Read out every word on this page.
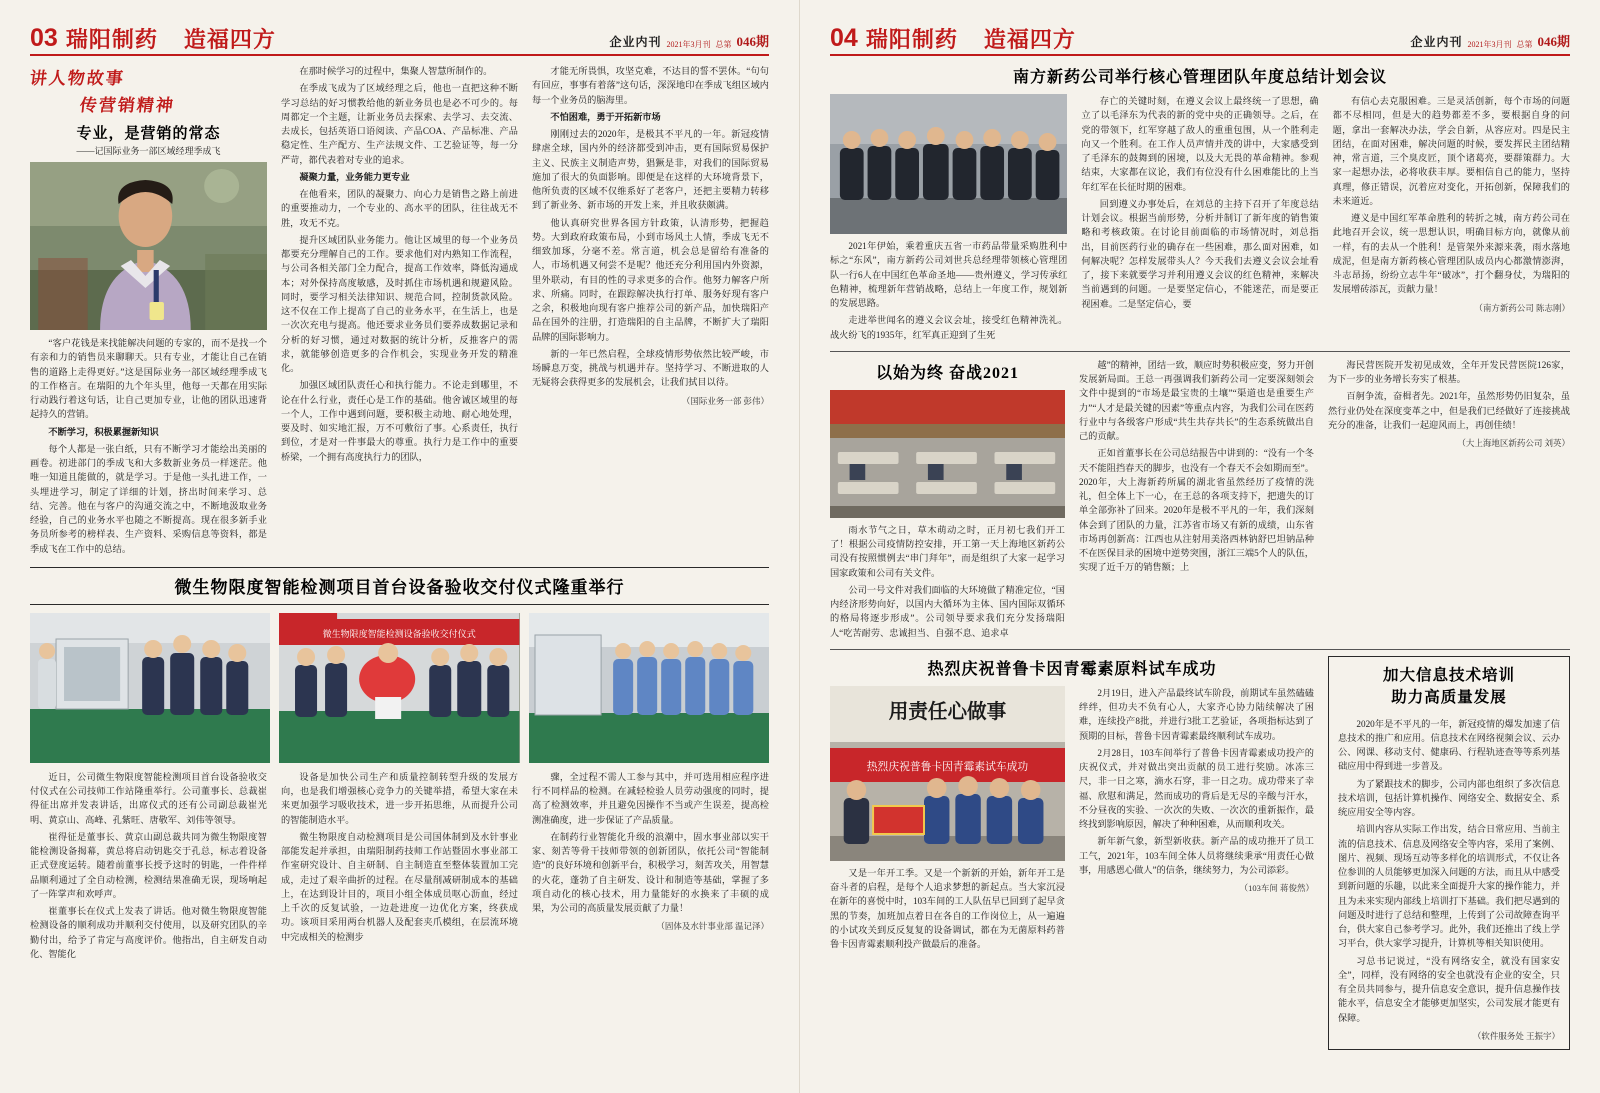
03 瑞阳制药 造福四方	企业内刊 2021年3月刊 总第 046期
讲人物故事 传营销精神
专业，是营销的常态
——记国际业务一部区域经理季成飞

“客户花钱是来找能解决问题的专家的，而不是找一个有亲和力的销售员来聊聊天。只有专业，才能让自己在销售的道路上走得更好。”这是国际业务一部区域经理季成飞的工作格言。在瑞阳的九个年头里，他每一天都在用实际行动践行着这句话，让自己更加专业，让他的团队迅速背起持久的营销。

不断学习，积极累握新知识

每个人都是一张白纸，只有不断学习才能绘出美丽的画卷。初进部门的季成飞和大多数新业务员一样迷茫。他唯一知道且能做的，就是学习。于是他一头扎进工作，一头埋进学习，制定了详细的计划，挤出时间来学习、总结、完善。他在与客户的沟通交流之中，不断地汲取业务经验，自己的业务水平也随之不断提高。现在很多新手业务员所参考的榜样表、生产资料、采购信息等资料，都是季成飞在工作中的总结。

在那时候学习的过程中，集聚人智慧所制作的。

在季成飞成为了区域经理之后，他也一直把这种不断学习总结的好习惯教给他的新业务员也是必不可少的。每周都定一个主题，让新业务员去探索、去学习、去交流、去成长，包括英语口语阅读、产品COA、产品标准、产品稳定性、生产配方、生产法规文件、工艺验证等，每一分严苛，都代表着对专业的追求。

凝聚力量，业务能力更专业

在他看来，团队的凝聚力、向心力是销售之路上前进的重要推动力，一个专业的、高水平的团队，往往战无不胜，攻无不克。

提升区域团队业务能力。他让区域里的每一个业务员都要充分理解自己的工作。要求他们对内熟知工作流程，与公司各相关部门全力配合，提高工作效率，降低沟通成本；对外保持高度敏感，及时抓住市场机遇和规避风险。同时，要学习相关法律知识、规范合同，控制货款风险。这不仅在工作上提高了自己的业务水平，在生活上，也是一次次充电与提高。他还要求业务员们要养成数据记录和分析的好习惯，通过对数据的统计分析，反推客户的需求，就能够创造更多的合作机会，实现业务开发的精准化。

加强区域团队责任心和执行能力。不论走到哪里，不论在什么行业，责任心是工作的基础。他舍诚区域里的每一个人，工作中遇到问题，要积极主动地、耐心地处理，要及时、如实地汇报，万不可敷衍了事。心系责任，执行到位，才是对一件事最大的尊重。执行力是工作中的重要桥梁，一个拥有高度执行力的团队，

才能无所畏惧，攻坚克难，不达目的誓不罢休。“句句有回应，事事有着落”这句话，深深地印在季成飞组区域内每一个业务员的脑海里。

不怕困难，勇于开拓新市场

刚刚过去的2020年，是极其不平凡的一年。新冠疫情肆虐全球，国内外的经济都受到冲击，更有国际贸易保护主义、民族主义制造声势，猖獗是非，对我们的国际贸易施加了很大的负面影响。即便是在这样的大环境背景下，他所负责的区域不仅维系好了老客户，还把主要精力转移到了新业务、新市场的开发上来，并且收获颇满。

他认真研究世界各国方针政策，认清形势，把握趋势。大到政府政策布局，小到市场风土人情，季成飞无不细致加琢，分毫不差。常言道，机会总是留给有准备的人，市场机遇又何尝不是呢？他还充分利用国内外资源，里外联动，有目的性的寻求更多的合作。他努力解客户所求、所痛。同时，在跟踪解决执行打单、服务好现有客户之余，积极地向现有客户推荐公司的新产品，加快瑞阳产品在国外的注册，打造瑞阳的自主品牌，不断扩大了瑞阳品牌的国际影响力。

新的一年已然启程，全球疫情形势依然比较严峻，市场瞬息万变，挑战与机遇并存。坚持学习、不断进取的人无疑将会获得更多的发展机会，让我们拭目以待。

（国际业务一部 彭伟）
微生物限度智能检测项目首台设备验收交付仪式隆重举行
微生物限度智能检测设备验收交付仪式

近日，公司微生物限度智能检测项目首台设备验收交付仪式在公司技师工作站隆重举行。公司董事长、总裁崔得征出席并发表讲话，出席仪式的还有公司副总裁崔光明、黄京山、高峰、孔紫旺、唐敬军、刘伟等领导。

崔得征是董事长、黄京山副总裁共同为微生物限度智能检测设备揭幕，黄总将启动钥匙交于孔总，标志着设备正式登度运转。随着前董事长授予这时的钥匙，一件件样品顺利通过了全自动检测，检测结果准确无误，现场响起了一阵掌声和欢呼声。

崔董事长在仪式上发表了讲话。他对微生物限度智能检测设备的顺利成功并顺利交付使用，以及研究团队的辛勤付出，给予了肯定与高度评价。他指出，自主研发自动化、智能化

设备是加快公司生产和质量控制转型升级的发展方向，也是我们增强核心竞争力的关键举措，希望大家在未来更加强学习吸收技术，进一步开拓思维，从而提升公司的智能制造水平。

微生物限度自动检测项目是公司国体制到及水针事业部能发起并承担，由瑞阳制药技师工作站暨固水事业部工作室研究设计、自主研制、自主制造直至整体装置加工完成，走过了艰辛曲折的过程。在尽量削减研制成本的基础上，在达到设计目的，项目小组全体成员呕心沥血，经过上千次的反复试验，一边赴进度一边优化方案，终获成功。该项目采用两台机器人及配套夹爪模组，在层流环境中完成相关的检测步

骤，全过程不需人工参与其中，并可选用相应程序进行不同样品的检测。在减轻检验人员劳动强度的同时，提高了检测效率，并且避免因操作不当或产生误差，提高检测准确度，进一步保证了产品质量。

在制药行业智能化升级的浪潮中，固水事业部以实干家、刻苦等骨干技师带领的创新团队，依托公司“智能制造”的良好环境和创新平台，积极学习，刻苦攻关，用智慧的火花，蓬勃了自主研发、设计和制造等基础，掌握了多项自动化的核心技术，用力量能好的水换来了丰硕的成果，为公司的高质量发展贡献了力量！

（固体及水针事业部 温记泽）
04 瑞阳制药 造福四方	企业内刊 2021年3月刊 总第 046期
南方新药公司举行核心管理团队年度总结计划会议

2021年伊始，乘着重庆五省一市药品带量采购胜利中标之“东风”，南方新药公司刘世兵总经理带领核心管理团队一行6人在中国红色革命圣地——贵州遵义，学习传承红色精神，梳理新年营销战略，总结上一年度工作，规划新的发展思路。

走进举世闻名的遵义会议会址，接受红色精神洗礼。战火纷飞的1935年，红军真正迎到了生死

存亡的关键时刻，在遵义会议上最终统一了思想，确立了以毛泽东为代表的新的党中央的正确领导。之后，在党的带领下，红军穿越了敌人的重重包围，从一个胜利走向又一个胜利。在工作人员声情并茂的讲中，大家感受到了毛泽东的鼓舞到的困境，以及大无畏的革命精神。参观结束，大家都在议论，我们有位没有什么困难能比的上当年红军在长征时期的困难。

回到遵义办事处后，在刘总的主持下召开了年度总结计划会议。根据当前形势，分析并制订了新年度的销售策略和考核政策。在讨论目前面临的市场情况时，刘总指出，目前医药行业的确存在一些困难，那么面对困难，如何解决呢？怎样发展带头人？今天我们去遵义会议会址看了，接下来就要学习并利用遵义会议的红色精神，来解决当前遇到的问题。一是要坚定信心，不能迷茫，而是要正视困难。二是坚定信心，要

有信心去克服困难。三是灵活创新，每个市场的问题都不尽相同，但是大的趋势都差不多，要根据自身的问题，拿出一套解决办法，学会自新，从容应对。四是民主团结，在面对困难，解决问题的时候，要发挥民主团结精神，常言道，三个臭皮匠，顶个诸葛亮，要群策群力。大家一起想办法，必将收获丰厚。要相信自己的能力，坚持真理，修正错误，沉着应对变化，开拓创新，保障我们的未来道近。

遵义是中国红军革命胜利的转折之城，南方药公司在此地召开会议，统一思想认识，明确目标方向，就像从前一样，有的去从一个胜利！是管架外来源来袭，雨水落地成泥，但是南方新药核心管理团队成员内心都激情澎湃，斗志昂扬，纷纷立志牛年“破冰”，打个翻身仗，为瑞阳的发展增砖添瓦，贡献力量！

（南方新药公司 陈志刚）
以始为终 奋战2021

雨水节气之日，草木萌动之时，正月初七我们开工了！根据公司疫情防控安排，开工第一天上海地区新药公司没有按照惯例去“串门拜年”，而是组织了大家一起学习国家政策和公司有关文件。

公司一号文件对我们面临的大环境做了精准定位，“国内经济形势向好，以国内大循环为主体、国内国际双循环的格局将逐步形成”。公司领导要求我们充分发扬瑞阳人“吃苦耐劳、忠诚担当、自强不息、追求卓

越”的精神，团结一致，顺应时势积极应变，努力开创发展新局面。王总一再强调我们新药公司一定要深刻领会文件中提到的“市场是最宝贵的土壤”“渠道也是重要生产力”“人才是最关键的因素”等重点内容，为我们公司在医药行业中与各级客户形成“共生共存共长”的生态系统做出自己的贡献。

正如首董事长在公司总结报告中讲到的：“没有一个冬天不能阻挡春天的脚步，也没有一个春天不会如期而至”。2020年，大上海新药所属的湖北省虽然经历了疫情的洗礼，但全体上下一心，在王总的各项支持下，把遗失的订单全部弥补了回来。2020年是极不平凡的一年，我们深刻体会到了团队的力量，江苏省市场又有新的成绩，山东省市场再创新高：江西也从注射用美洛西林钠舒巴坦钠品种不在医保目录的困境中逆势突围，浙江三端5个人的队伍，实现了近千万的销售额；上

海民营医院开发初见成效，全年开发民营医院126家，为下一步的业务增长夯实了根基。

百舸争流，奋楫者先。2021年，虽然形势仍旧复杂，虽然行业仍处在深度变革之中，但是我们已经做好了连接挑战充分的准备，让我们一起迎风而上，再创佳绩！

（大上海地区新药公司 刘英）
热烈庆祝普鲁卡因青霉素原料试车成功
用责任心做事
热烈庆祝普鲁卡因青霉素试车成功

又是一年开工季。又是一个新新的开始，新年开工是奋斗者的启程，是每个人追求梦想的新起点。当大家沉浸在新年的喜悦中时，103车间的工人队伍早已回到了起早贪黑的节奏，加班加点着日在各自的工作岗位上，从一遍遍的小试攻关到反反复复的设备调试，都在为无菌原料药普鲁卡因青霉素顺利投产做最后的准备。

2月19日，进入产品最终试车阶段，前期试车虽然磕磕绊绊，但功夫不负有心人，大家齐心协力陆续解决了困难，连续投产8批，并进行3批工艺验证，各项指标达到了预期的目标，普鲁卡因青霉素最终顺利试车成功。

2月28日，103车间举行了普鲁卡因青霉素成功投产的庆祝仪式，并对做出突出贡献的员工进行奖励。冰冻三尺，非一日之寒，滴水石穿，非一日之功。成功带来了幸福、欣慰和满足，然而成功的背后是无尽的辛酸与汗水，不分昼夜的实验、一次次的失败、一次次的重新振作，最终找到影响原因，解决了种种困难，从而顺利攻关。

新年新气象，新型新收获。新产品的成功推开了员工工气，2021年，103车间全体人员将继续秉承“用责任心做事，用感恩心做人”的信条，继续努力，为公司添彩。

（103车间 蒋俊然）
加大信息技术培训
助力高质量发展

2020年是不平凡的一年，新冠疫情的爆发加速了信息技术的推广和应用。信息技术在网络视频会议、云办公、网课、移动支付、健康码、行程轨迹查等等系列基础应用中得到进一步普及。

为了紧跟技术的脚步，公司内部也组织了多次信息技术培训，包括计算机操作、网络安全、数据安全、系统应用安全等内容。

培训内容从实际工作出发，结合日常应用、当前主流的信息技术、信息及网络安全等内容，采用了案例、图片、视频、现场互动等多样化的培训形式，不仅让各位参训的人员能够更加深入问题的方法，而且从中感受到新问题的乐趣，以此来全面提升大家的操作能力，并且为未来实现内部线上培训打下基础。我们把尽遇到的问题及时进行了总结和整理，上传到了公司故障查询平台，供大家自己参考学习。此外，我们还推出了线上学习平台，供大家学习提升，计算机等相关知识使用。

习总书记说过，“没有网络安全，就没有国家安全”，同样，没有网络的安全也就没有企业的安全，只有全员共同参与，提升信息安全意识，提升信息操作技能水平，信息安全才能够更加坚实，公司发展才能更有保障。

（软件服务处 王振宇）
